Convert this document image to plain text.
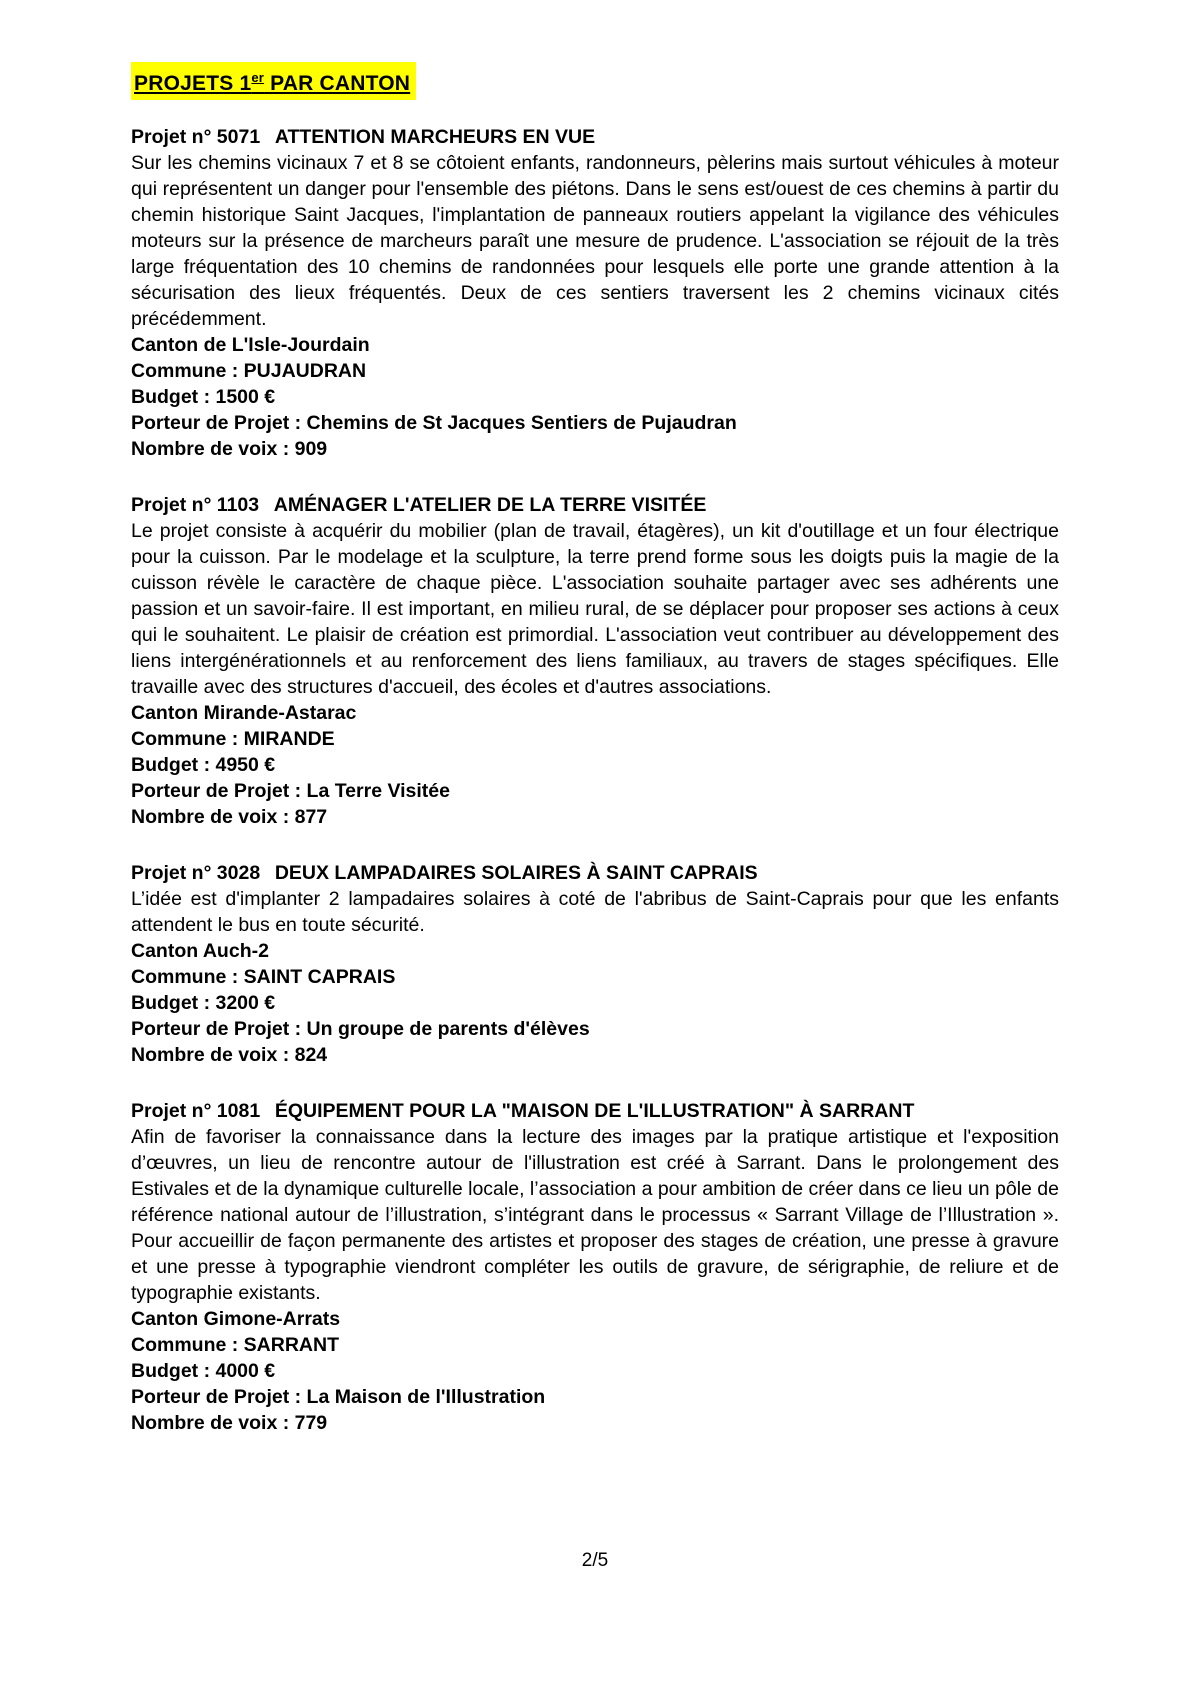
PROJETS 1er PAR CANTON
Projet n° 5071 ATTENTION MARCHEURS EN VUE

Sur les chemins vicinaux 7 et 8 se côtoient enfants, randonneurs, pèlerins mais surtout véhicules à moteur qui représentent un danger pour l'ensemble des piétons. Dans le sens est/ouest de ces chemins à partir du chemin historique Saint Jacques, l'implantation de panneaux routiers appelant la vigilance des véhicules moteurs sur la présence de marcheurs paraît une mesure de prudence. L'association se réjouit de la très large fréquentation des 10 chemins de randonnées pour lesquels elle porte une grande attention à la sécurisation des lieux fréquentés. Deux de ces sentiers traversent les 2 chemins vicinaux cités précédemment.

Canton de L'Isle-Jourdain
Commune : PUJAUDRAN
Budget : 1500 €
Porteur de Projet : Chemins de St Jacques Sentiers de Pujaudran
Nombre de voix : 909
Projet n° 1103 AMÉNAGER L'ATELIER DE LA TERRE VISITÉE

Le projet consiste à acquérir du mobilier (plan de travail, étagères), un kit d'outillage et un four électrique pour la cuisson. Par le modelage et la sculpture, la terre prend forme sous les doigts puis la magie de la cuisson révèle le caractère de chaque pièce. L'association souhaite partager avec ses adhérents une passion et un savoir-faire. Il est important, en milieu rural, de se déplacer pour proposer ses actions à ceux qui le souhaitent. Le plaisir de création est primordial. L'association veut contribuer au développement des liens intergénérationnels et au renforcement des liens familiaux, au travers de stages spécifiques. Elle travaille avec des structures d'accueil, des écoles et d'autres associations.

Canton Mirande-Astarac
Commune : MIRANDE
Budget : 4950 €
Porteur de Projet : La Terre Visitée
Nombre de voix : 877
Projet n° 3028 DEUX LAMPADAIRES SOLAIRES À SAINT CAPRAIS

L’idée est d'implanter 2 lampadaires solaires à coté de l'abribus de Saint-Caprais pour que les enfants attendent le bus en toute sécurité.

Canton Auch-2
Commune : SAINT CAPRAIS
Budget : 3200 €
Porteur de Projet : Un groupe de parents d'élèves
Nombre de voix : 824
Projet n° 1081 ÉQUIPEMENT POUR LA "MAISON DE L'ILLUSTRATION" À SARRANT

Afin de favoriser la connaissance dans la lecture des images par la pratique artistique et l'exposition d’œuvres, un lieu de rencontre autour de l'illustration est créé à Sarrant. Dans le prolongement des Estivales et de la dynamique culturelle locale, l’association a pour ambition de créer dans ce lieu un pôle de référence national autour de l’illustration, s’intégrant dans le processus « Sarrant Village de l’Illustration ». Pour accueillir de façon permanente des artistes et proposer des stages de création, une presse à gravure et une presse à typographie viendront compléter les outils de gravure, de sérigraphie, de reliure et de typographie existants.

Canton Gimone-Arrats
Commune : SARRANT
Budget : 4000 €
Porteur de Projet : La Maison de l'Illustration
Nombre de voix : 779
2/5
